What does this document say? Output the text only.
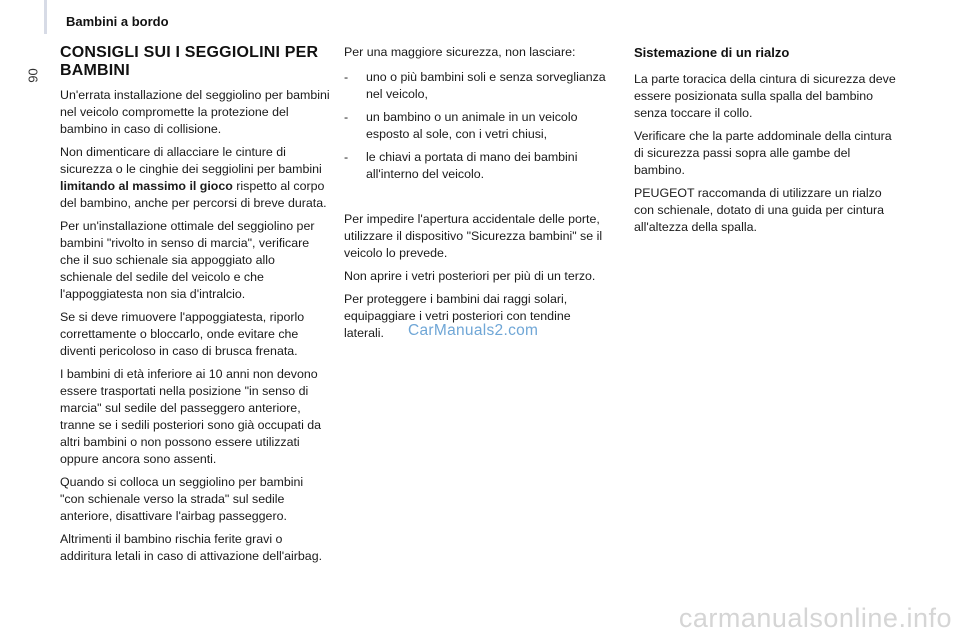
90
Bambini a bordo
CONSIGLI SUI I SEGGIOLINI PER BAMBINI

Un'errata installazione del seggiolino per bambini nel veicolo compromette la protezione del bambino in caso di collisione.

Non dimenticare di allacciare le cinture di sicurezza o le cinghie dei seggiolini per bambini limitando al massimo il gioco rispetto al corpo del bambino, anche per percorsi di breve durata.

Per un'installazione ottimale del seggiolino per bambini "rivolto in senso di marcia", verificare che il suo schienale sia appoggiato allo schienale del sedile del veicolo e che l'appoggiatesta non sia d'intralcio.

Se si deve rimuovere l'appoggiatesta, riporlo correttamente o bloccarlo, onde evitare che diventi pericoloso in caso di brusca frenata.

I bambini di età inferiore ai 10 anni non devono essere trasportati nella posizione "in senso di marcia" sul sedile del passeggero anteriore, tranne se i sedili posteriori sono già occupati da altri bambini o non possono essere utilizzati oppure ancora sono assenti.

Quando si colloca un seggiolino per bambini "con schienale verso la strada" sul sedile anteriore, disattivare l'airbag passeggero.

Altrimenti il bambino rischia ferite gravi o addiritura letali in caso di attivazione dell'airbag.

Per una maggiore sicurezza, non lasciare:

- uno o più bambini soli e senza sorveglianza nel veicolo,
- un bambino o un animale in un veicolo esposto al sole, con i vetri chiusi,
- le chiavi a portata di mano dei bambini all'interno del veicolo.

Per impedire l'apertura accidentale delle porte, utilizzare il dispositivo "Sicurezza bambini" se il veicolo lo prevede.

Non aprire i vetri posteriori per più di un terzo.

Per proteggere i bambini dai raggi solari, equipaggiare i vetri posteriori con tendine laterali.

Sistemazione di un rialzo

La parte toracica della cintura di sicurezza deve essere posizionata sulla spalla del bambino senza toccare il collo.

Verificare che la parte addominale della cintura di sicurezza passi sopra alle gambe del bambino.

PEUGEOT raccomanda di utilizzare un rialzo con schienale, dotato di una guida per cintura all'altezza della spalla.

CarManuals2.com
carmanualsonline.info
